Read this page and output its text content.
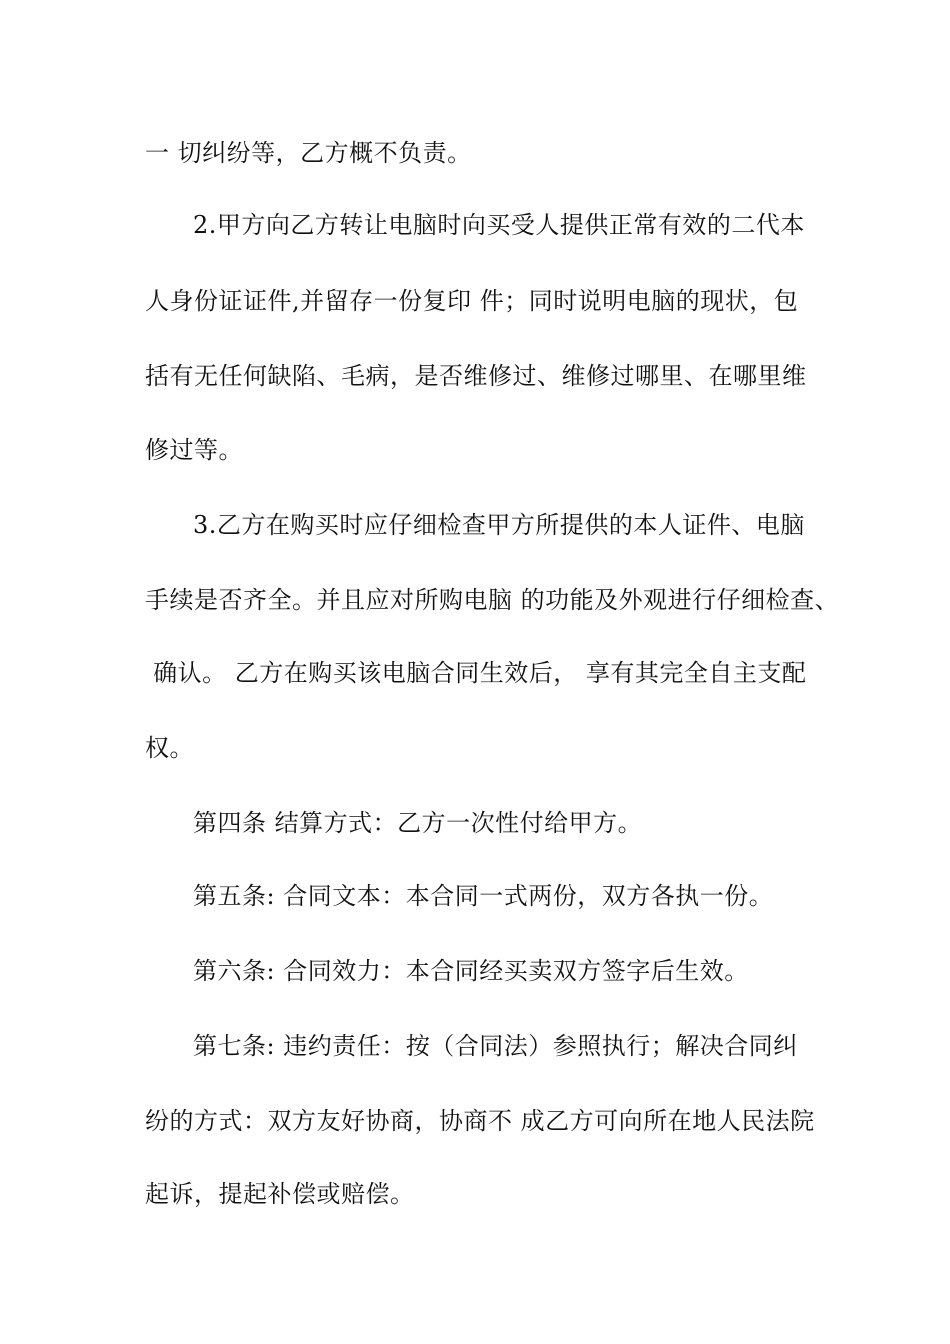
一 切纠纷等，乙方概不负责。
2.甲方向乙方转让电脑时向买受人提供正常有效的二代本
人身份证证件,并留存一份复印 件；同时说明电脑的现状，包
括有无任何缺陷、毛病，是否维修过、维修过哪里、在哪里维
修过等。
3.乙方在购买时应仔细检查甲方所提供的本人证件、电脑
手续是否齐全。并且应对所购电脑 的功能及外观进行仔细检查、
确认。 乙方在购买该电脑合同生效后， 享有其完全自主支配
权。
第四条 结算方式：乙方一次性付给甲方。
第五条: 合同文本：本合同一式两份，双方各执一份。
第六条: 合同效力：本合同经买卖双方签字后生效。
第七条: 违约责任：按（合同法）参照执行；解决合同纠
纷的方式：双方友好协商，协商不 成乙方可向所在地人民法院
起诉，提起补偿或赔偿。
